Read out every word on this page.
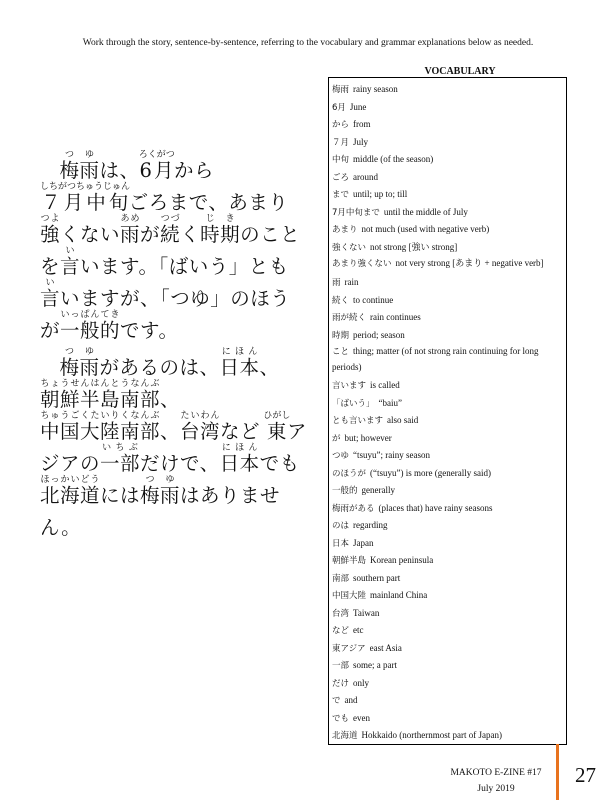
Work through the story, sentence-by-sentence, referring to the vocabulary and grammar explanations below as needed.

梅雨つゆは、6月ろくがつから
７月中旬しちがつちゅうじゅんごろまで、あまり
強つよくない雨あめが続つづく時期じきのこと
を言いいます。「ばいう」とも
言いいますが、「つゆ」のほう
が一般的いっぱんてきです。

梅雨つゆがあるのは、日本にほん、
朝鮮半島南部ちょうせんはんとうなんぶ、
中国大陸南部ちゅうごくたいりくなんぶ、台湾たいわんなど 東ひがしア
ジアの一部いちぶだけで、日本にほんでも
北海道ほっかいどうには梅雨つゆはありませ
ん。

VOCABULARY
梅雨 rainy season
6月 June
から from
７月 July
中旬 middle (of the season)
ごろ around
まで until; up to; till
7月中旬まで until the middle of July
あまり not much (used with negative verb)
強くない not strong [強い strong]
あまり強くない not very strong [あまり + negative verb]
雨 rain
続く to continue
雨が続く rain continues
時期 period; season
こと thing; matter (of not strong rain continuing for long periods)
言います is called
「ばいう」 “baiu”
とも言います also said
が but; however
つゆ “tsuyu”; rainy season
のほうが (“tsuyu”) is more (generally said)
一般的 generally
梅雨がある (places that) have rainy seasons
のは regarding
日本 Japan
朝鮮半島 Korean peninsula
南部 southern part
中国大陸 mainland China
台湾 Taiwan
など etc
東アジア east Asia
一部 some; a part
だけ only
で and
でも even
北海道 Hokkaido (northernmost part of Japan)
MAKOTO E-ZINE #17
July 2019
27
